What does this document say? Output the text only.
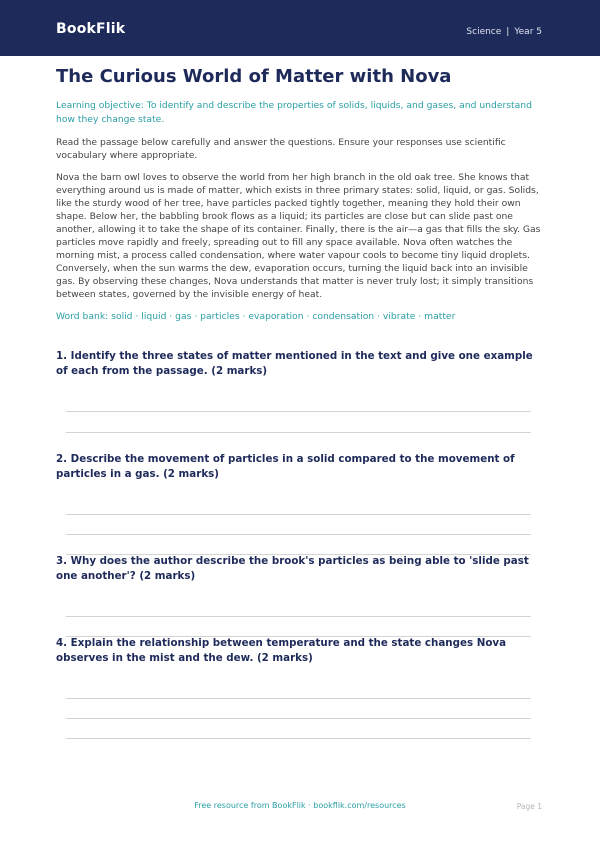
BookFlik	Science | Year 5
The Curious World of Matter with Nova

Learning objective: To identify and describe the properties of solids, liquids, and gases, and understand how they change state.

Read the passage below carefully and answer the questions. Ensure your responses use scientific vocabulary where appropriate.

Nova the barn owl loves to observe the world from her high branch in the old oak tree. She knows that everything around us is made of matter, which exists in three primary states: solid, liquid, or gas. Solids, like the sturdy wood of her tree, have particles packed tightly together, meaning they hold their own shape. Below her, the babbling brook flows as a liquid; its particles are close but can slide past one another, allowing it to take the shape of its container. Finally, there is the air—a gas that fills the sky. Gas particles move rapidly and freely, spreading out to fill any space available. Nova often watches the morning mist, a process called condensation, where water vapour cools to become tiny liquid droplets. Conversely, when the sun warms the dew, evaporation occurs, turning the liquid back into an invisible gas. By observing these changes, Nova understands that matter is never truly lost; it simply transitions between states, governed by the invisible energy of heat.

Word bank: solid · liquid · gas · particles · evaporation · condensation · vibrate · matter

1. Identify the three states of matter mentioned in the text and give one example of each from the passage. (2 marks)
2. Describe the movement of particles in a solid compared to the movement of particles in a gas. (2 marks)
3. Why does the author describe the brook's particles as being able to 'slide past one another'? (2 marks)
4. Explain the relationship between temperature and the state changes Nova observes in the mist and the dew. (2 marks)
Free resource from BookFlik · bookflik.com/resources	Page 1
